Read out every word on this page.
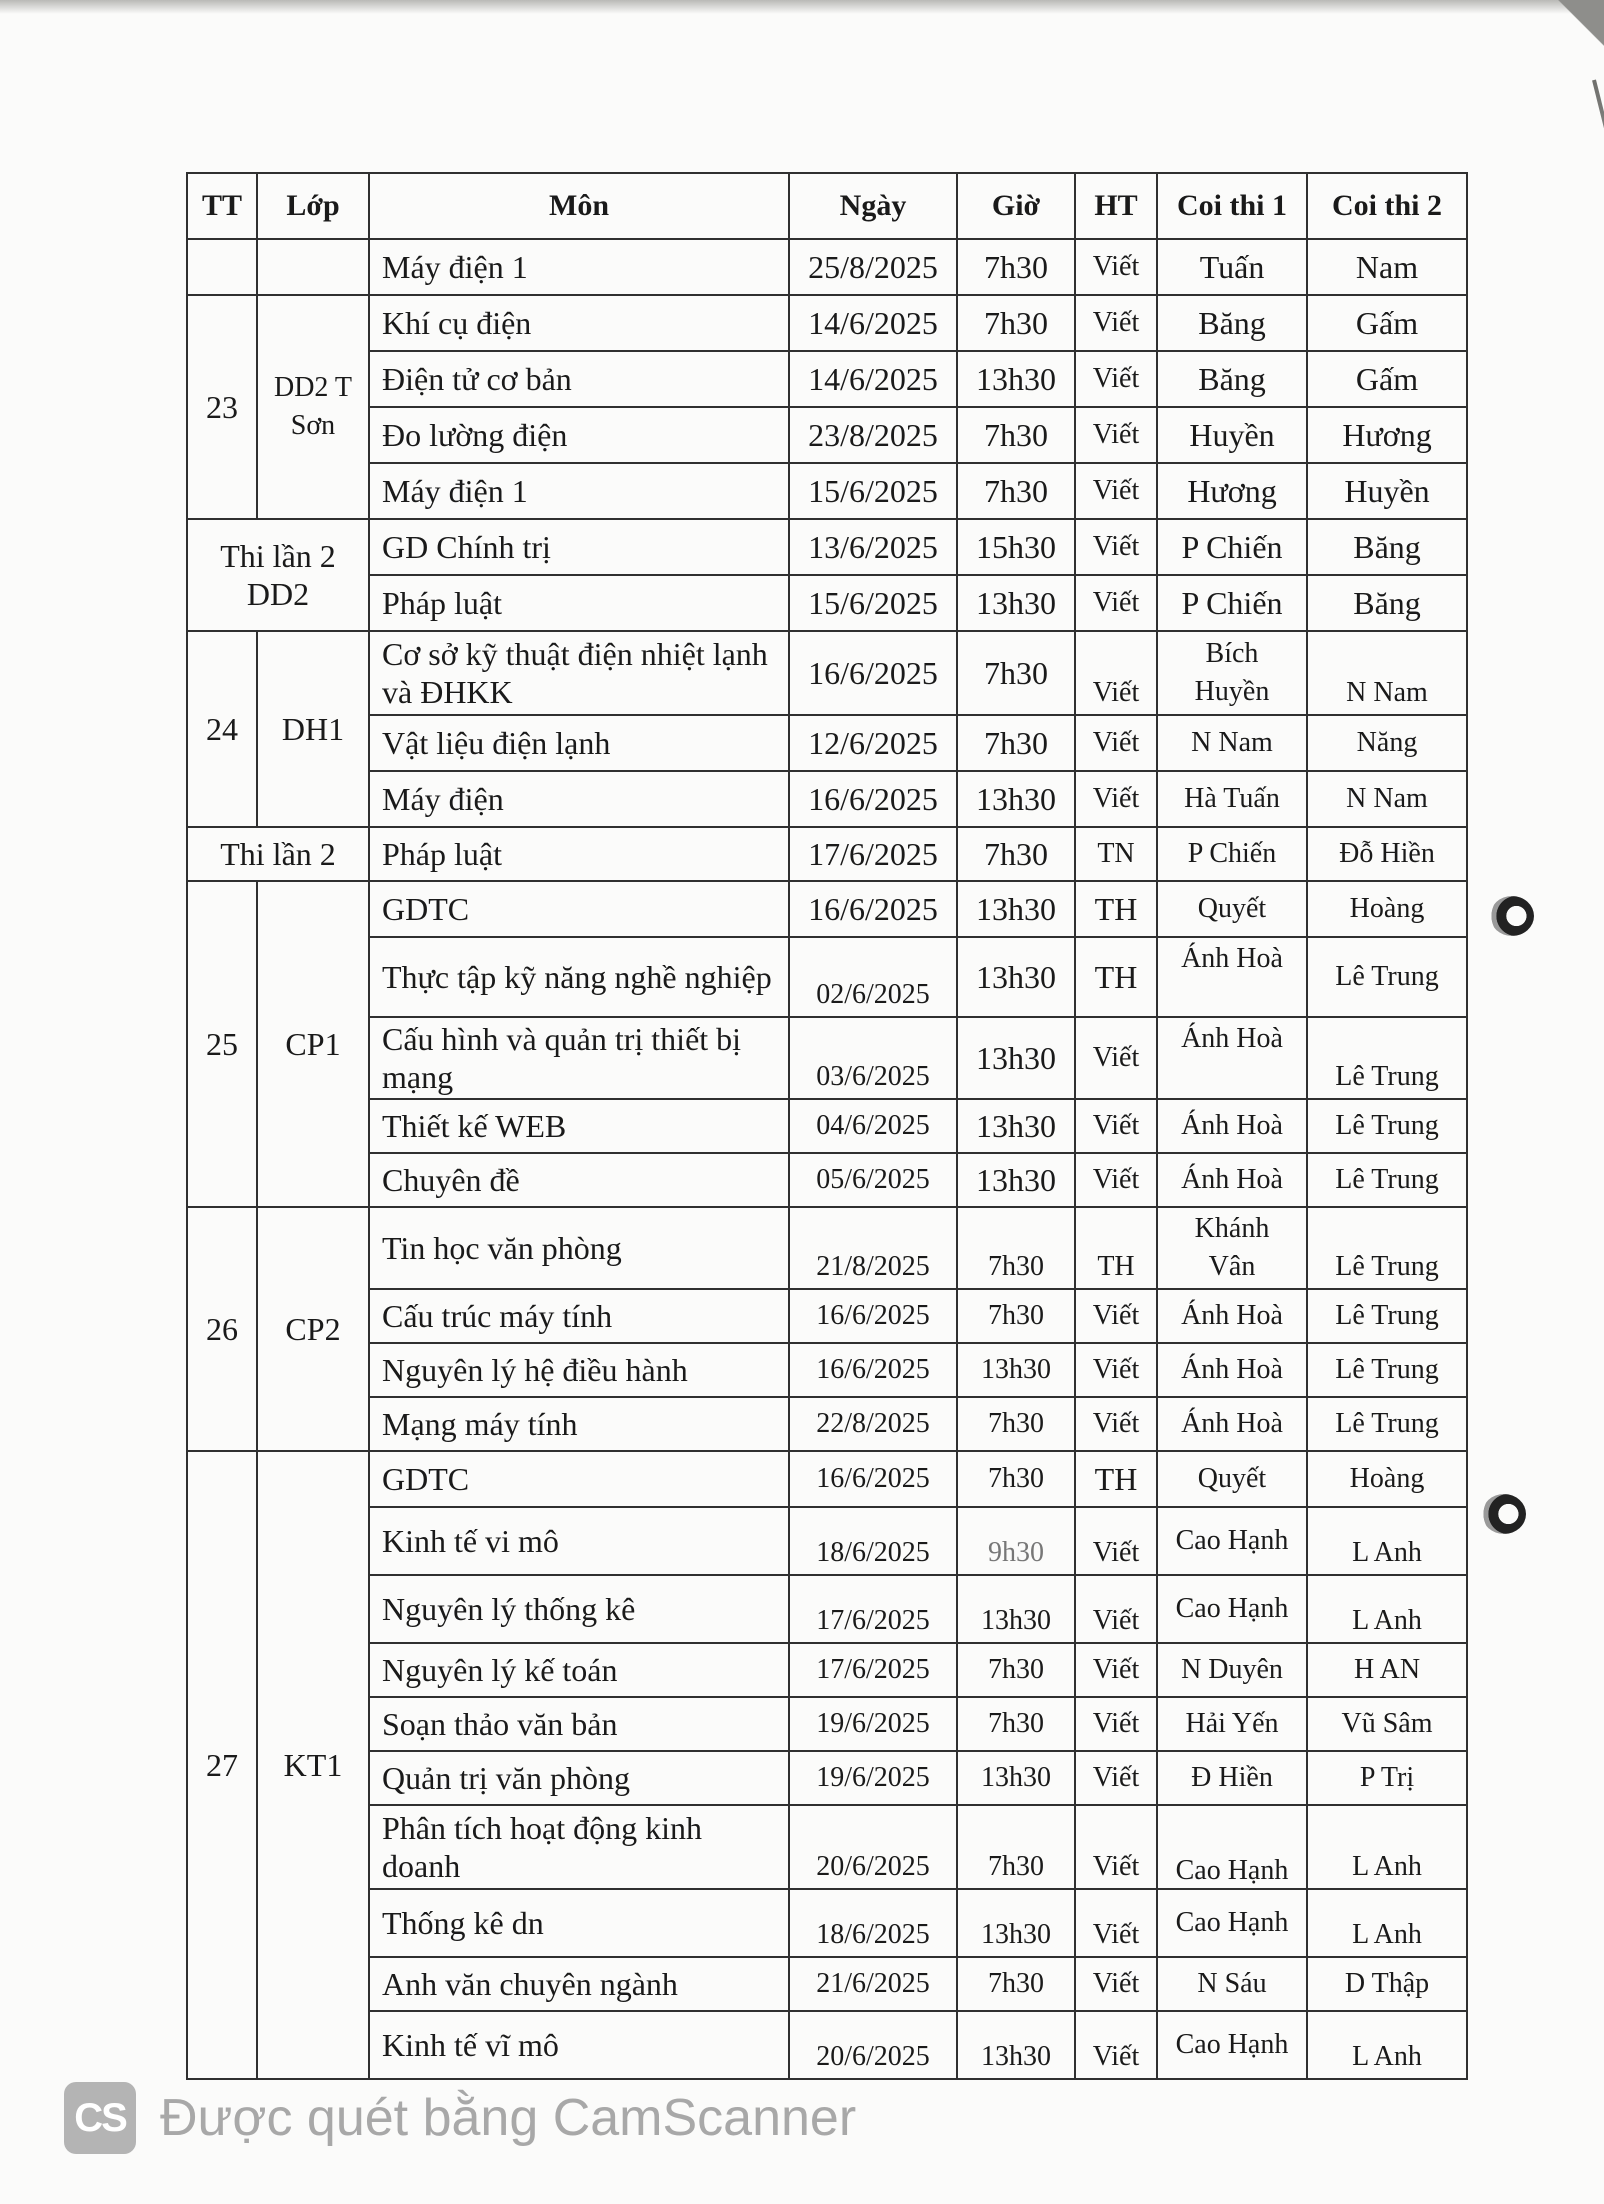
TT	Lớp	Môn	Ngày	Giờ	HT	Coi thi 1	Coi thi 2
		Máy điện 1	25/8/2025	7h30	Viết	Tuấn	Nam
23	DD2 T Sơn	Khí cụ điện	14/6/2025	7h30	Viết	Băng	Gấm
		Điện tử cơ bản	14/6/2025	13h30	Viết	Băng	Gấm
		Đo lường điện	23/8/2025	7h30	Viết	Huyền	Hương
		Máy điện 1	15/6/2025	7h30	Viết	Hương	Huyền
Thi lần 2 DD2		GD Chính trị	13/6/2025	15h30	Viết	P Chiến	Băng
		Pháp luật	15/6/2025	13h30	Viết	P Chiến	Băng
24	DH1	Cơ sở kỹ thuật điện nhiệt lạnh và ĐHKK	16/6/2025	7h30	Viết	Bích Huyền	N Nam
		Vật liệu điện lạnh	12/6/2025	7h30	Viết	N Nam	Năng
		Máy điện	16/6/2025	13h30	Viết	Hà Tuấn	N Nam
Thi lần 2		Pháp luật	17/6/2025	7h30	TN	P Chiến	Đỗ Hiền
25	CP1	GDTC	16/6/2025	13h30	TH	Quyết	Hoàng
		Thực tập kỹ năng nghề nghiệp	02/6/2025	13h30	TH	Ánh Hoà	Lê Trung
		Cấu hình và quản trị thiết bị mạng	03/6/2025	13h30	Viết	Ánh Hoà	Lê Trung
		Thiết kế WEB	04/6/2025	13h30	Viết	Ánh Hoà	Lê Trung
		Chuyên đề	05/6/2025	13h30	Viết	Ánh Hoà	Lê Trung
26	CP2	Tin học văn phòng	21/8/2025	7h30	TH	Khánh Vân	Lê Trung
		Cấu trúc máy tính	16/6/2025	7h30	Viết	Ánh Hoà	Lê Trung
		Nguyên lý hệ điều hành	16/6/2025	13h30	Viết	Ánh Hoà	Lê Trung
		Mạng máy tính	22/8/2025	7h30	Viết	Ánh Hoà	Lê Trung
27	KT1	GDTC	16/6/2025	7h30	TH	Quyết	Hoàng
		Kinh tế vi mô	18/6/2025	9h30	Viết	Cao Hạnh	L Anh
		Nguyên lý thống kê	17/6/2025	13h30	Viết	Cao Hạnh	L Anh
		Nguyên lý kế toán	17/6/2025	7h30	Viết	N Duyên	H AN
		Soạn thảo văn bản	19/6/2025	7h30	Viết	Hải Yến	Vũ Sâm
		Quản trị văn phòng	19/6/2025	13h30	Viết	Đ Hiền	P Trị
		Phân tích hoạt động kinh doanh	20/6/2025	7h30	Viết	Cao Hạnh	L Anh
		Thống kê dn	18/6/2025	13h30	Viết	Cao Hạnh	L Anh
		Anh văn chuyên ngành	21/6/2025	7h30	Viết	N Sáu	D Thập
		Kinh tế vĩ mô	20/6/2025	13h30	Viết	Cao Hạnh	L Anh
CS Được quét bằng CamScanner
